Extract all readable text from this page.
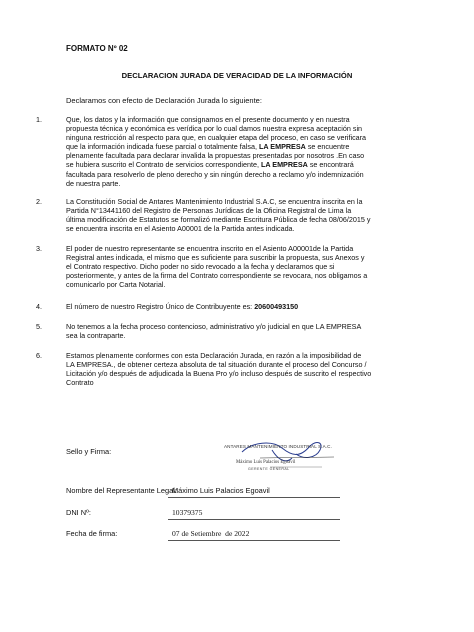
FORMATO Nº 02
DECLARACION JURADA DE VERACIDAD DE LA INFORMACIÓN
Declaramos con efecto de Declaración Jurada lo siguiente:
1.	Que, los datos y la información que consignamos en el presente documento y en nuestra
propuesta técnica y económica es verídica por lo cual damos nuestra expresa aceptación sin
ninguna restricción al respecto para que, en cualquier etapa del proceso, en caso se verificara
que la información indicada fuese parcial o totalmente falsa, LA EMPRESA se encuentre
plenamente facultada para declarar invalida la propuestas presentadas por nosotros .En caso
se hubiera suscrito el Contrato de servicios correspondiente, LA EMPRESA se encontrará
facultada para resolverlo de pleno derecho y sin ningún derecho a reclamo y/o indemnización
de nuestra parte.
2.	La Constitución Social de Antares Mantenimiento Industrial S.A.C, se encuentra inscrita en la
Partida N°13441160 del Registro de Personas Jurídicas de la Oficina Registral de Lima la
última modificación de Estatutos se formalizó mediante Escritura Pública de fecha 08/06/2015 y
se encuentra inscrita en el Asiento A00001 de la Partida antes indicada.
3.	El poder de nuestro representante se encuentra inscrito en el Asiento A00001de la Partida
Registral antes indicada, el mismo que es suficiente para suscribir la propuesta, sus Anexos y
el Contrato respectivo. Dicho poder no sido revocado a la fecha y declaramos que si
posteriormente, y antes de la firma del Contrato correspondiente se revocara, nos obligamos a
comunicarlo por Carta Notarial.
4.	El número de nuestro Registro Único de Contribuyente es: 20600493150
5.	No tenemos a la fecha proceso contencioso, administrativo y/o judicial en que LA EMPRESA
sea la contraparte.
6.	Estamos plenamente conformes con esta Declaración Jurada, en razón a la imposibilidad de
LA EMPRESA., de obtener certeza absoluta de tal situación durante el proceso del Concurso /
Licitación y/o después de adjudicada la Buena Pro y/o incluso después de suscrito el respectivo
Contrato
Sello y Firma:
ANTARES MANTENIMIENTO INDUSTRIAL S.A.C.
Máximo Luis Palacios Egoavil
GERENTE GENERAL
Nombre del Representante Legal:
Máximo Luis Palacios Egoavil
DNI Nº:	10379375
Fecha de firma:	07 de Setiembre  de 2022
